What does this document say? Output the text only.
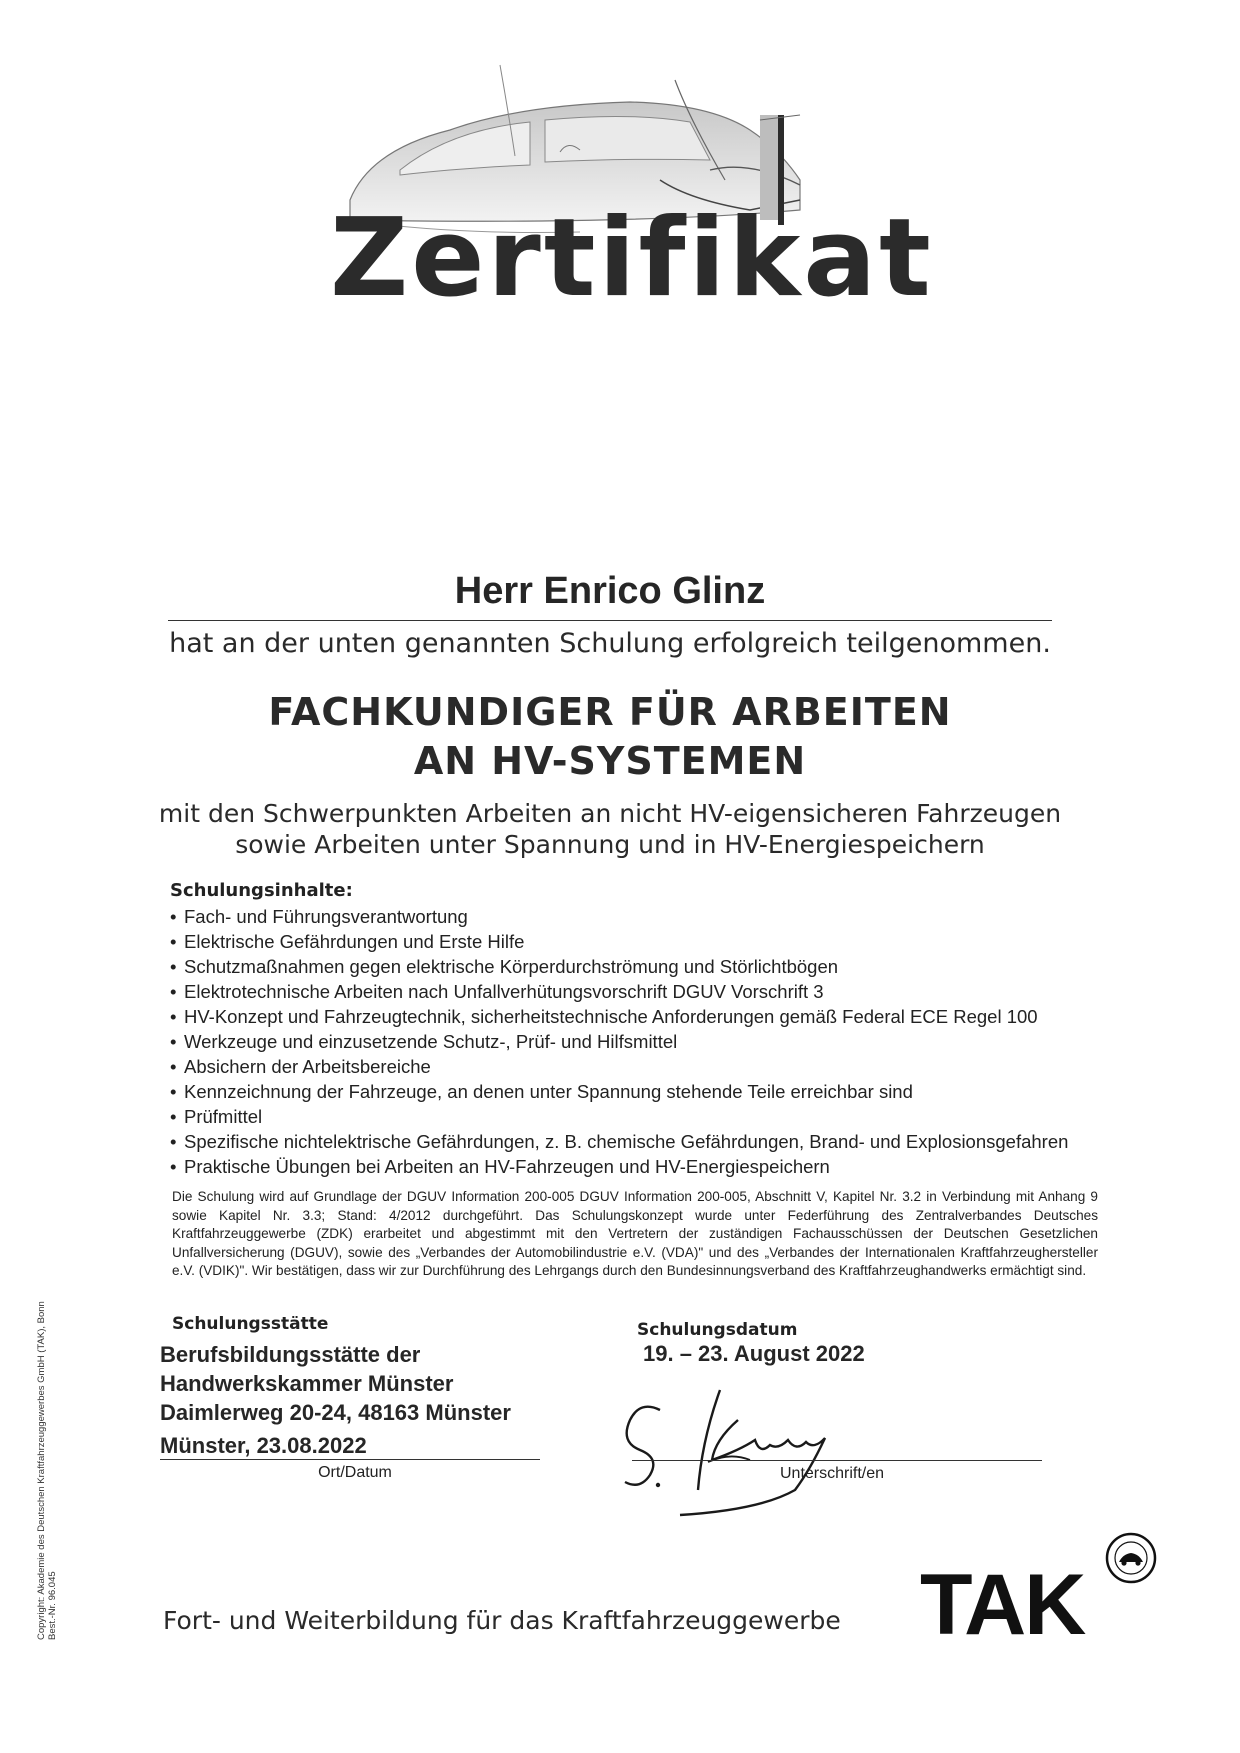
Zertifikat
Herr Enrico Glinz
hat an der unten genannten Schulung erfolgreich teilgenommen.
FACHKUNDIGER FÜR ARBEITEN
AN HV-SYSTEMEN
mit den Schwerpunkten Arbeiten an nicht HV-eigensicheren Fahrzeugen
sowie Arbeiten unter Spannung und in HV-Energiespeichern
Schulungsinhalte:
• Fach- und Führungsverantwortung
• Elektrische Gefährdungen und Erste Hilfe
• Schutzmaßnahmen gegen elektrische Körperdurchströmung und Störlichtbögen
• Elektrotechnische Arbeiten nach Unfallverhütungsvorschrift DGUV Vorschrift 3
• HV-Konzept und Fahrzeugtechnik, sicherheitstechnische Anforderungen gemäß Federal ECE Regel 100
• Werkzeuge und einzusetzende Schutz-, Prüf- und Hilfsmittel
• Absichern der Arbeitsbereiche
• Kennzeichnung der Fahrzeuge, an denen unter Spannung stehende Teile erreichbar sind
• Prüfmittel
• Spezifische nichtelektrische Gefährdungen, z. B. chemische Gefährdungen, Brand- und Explosionsgefahren
• Praktische Übungen bei Arbeiten an HV-Fahrzeugen und HV-Energiespeichern
Die Schulung wird auf Grundlage der DGUV Information 200-005 DGUV Information 200-005, Abschnitt V, Kapitel Nr. 3.2 in Verbindung mit Anhang 9 sowie Kapitel Nr. 3.3; Stand: 4/2012 durchgeführt. Das Schulungskonzept wurde unter Federführung des Zentralverbandes Deutsches Kraftfahrzeuggewerbe (ZDK) erarbeitet und abgestimmt mit den Vertretern der zuständigen Fachausschüssen der Deutschen Gesetzlichen Unfallversicherung (DGUV), sowie des „Verbandes der Automobilindustrie e.V. (VDA)" und des „Verbandes der Internationalen Kraftfahrzeughersteller e.V. (VDIK)". Wir bestätigen, dass wir zur Durchführung des Lehrgangs durch den Bundesinnungsverband des Kraftfahrzeughandwerks ermächtigt sind.
Schulungsstätte
Berufsbildungsstätte der
Handwerkskammer Münster
Daimlerweg 20-24, 48163 Münster
Schulungsdatum
19. – 23. August 2022
Münster, 23.08.2022
Ort/Datum	Unterschrift/en
Fort- und Weiterbildung für das Kraftfahrzeuggewerbe TAK
Copyright: Akademie des Deutschen Kraftfahrzeuggewerbes GmbH (TAK), Bonn Best.-Nr. 96.045
